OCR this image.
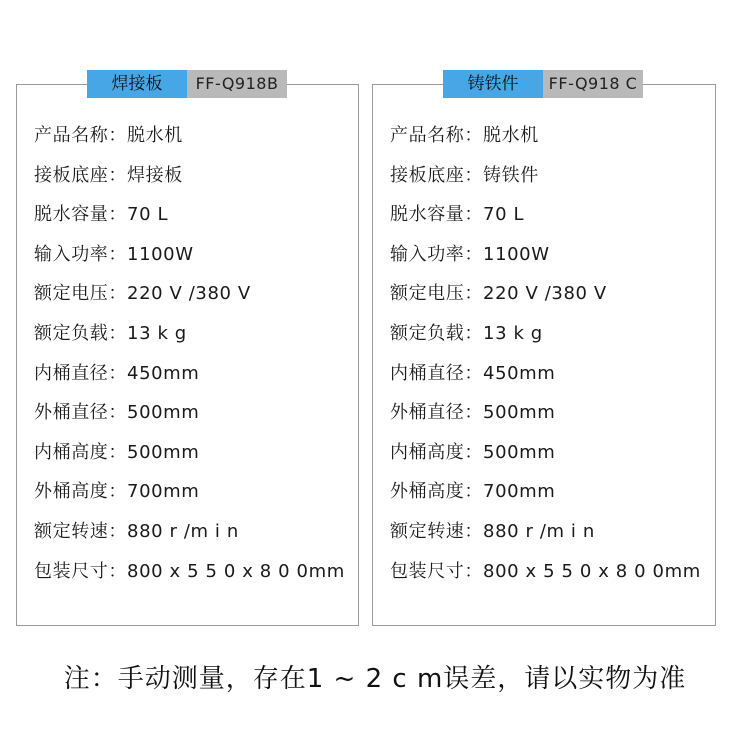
焊接板	FF-Q918B
产品名称：脱水机
接板底座：焊接板
脱水容量：70 L
输入功率：1100W
额定电压：220 V /380 V
额定负载：13 k g
内桶直径：450mm
外桶直径：500mm
内桶高度：500mm
外桶高度：700mm
额定转速：880 r /m i n
包装尺寸：800 x 5 5 0 x 8 0 0mm
铸铁件	FF-Q918 C
产品名称：脱水机
接板底座：铸铁件
脱水容量：70 L
输入功率：1100W
额定电压：220 V /380 V
额定负载：13 k g
内桶直径：450mm
外桶直径：500mm
内桶高度：500mm
外桶高度：700mm
额定转速：880 r /m i n
包装尺寸：800 x 5 5 0 x 8 0 0mm
注：手动测量，存在1 ~ 2 c m误差，请以实物为准
